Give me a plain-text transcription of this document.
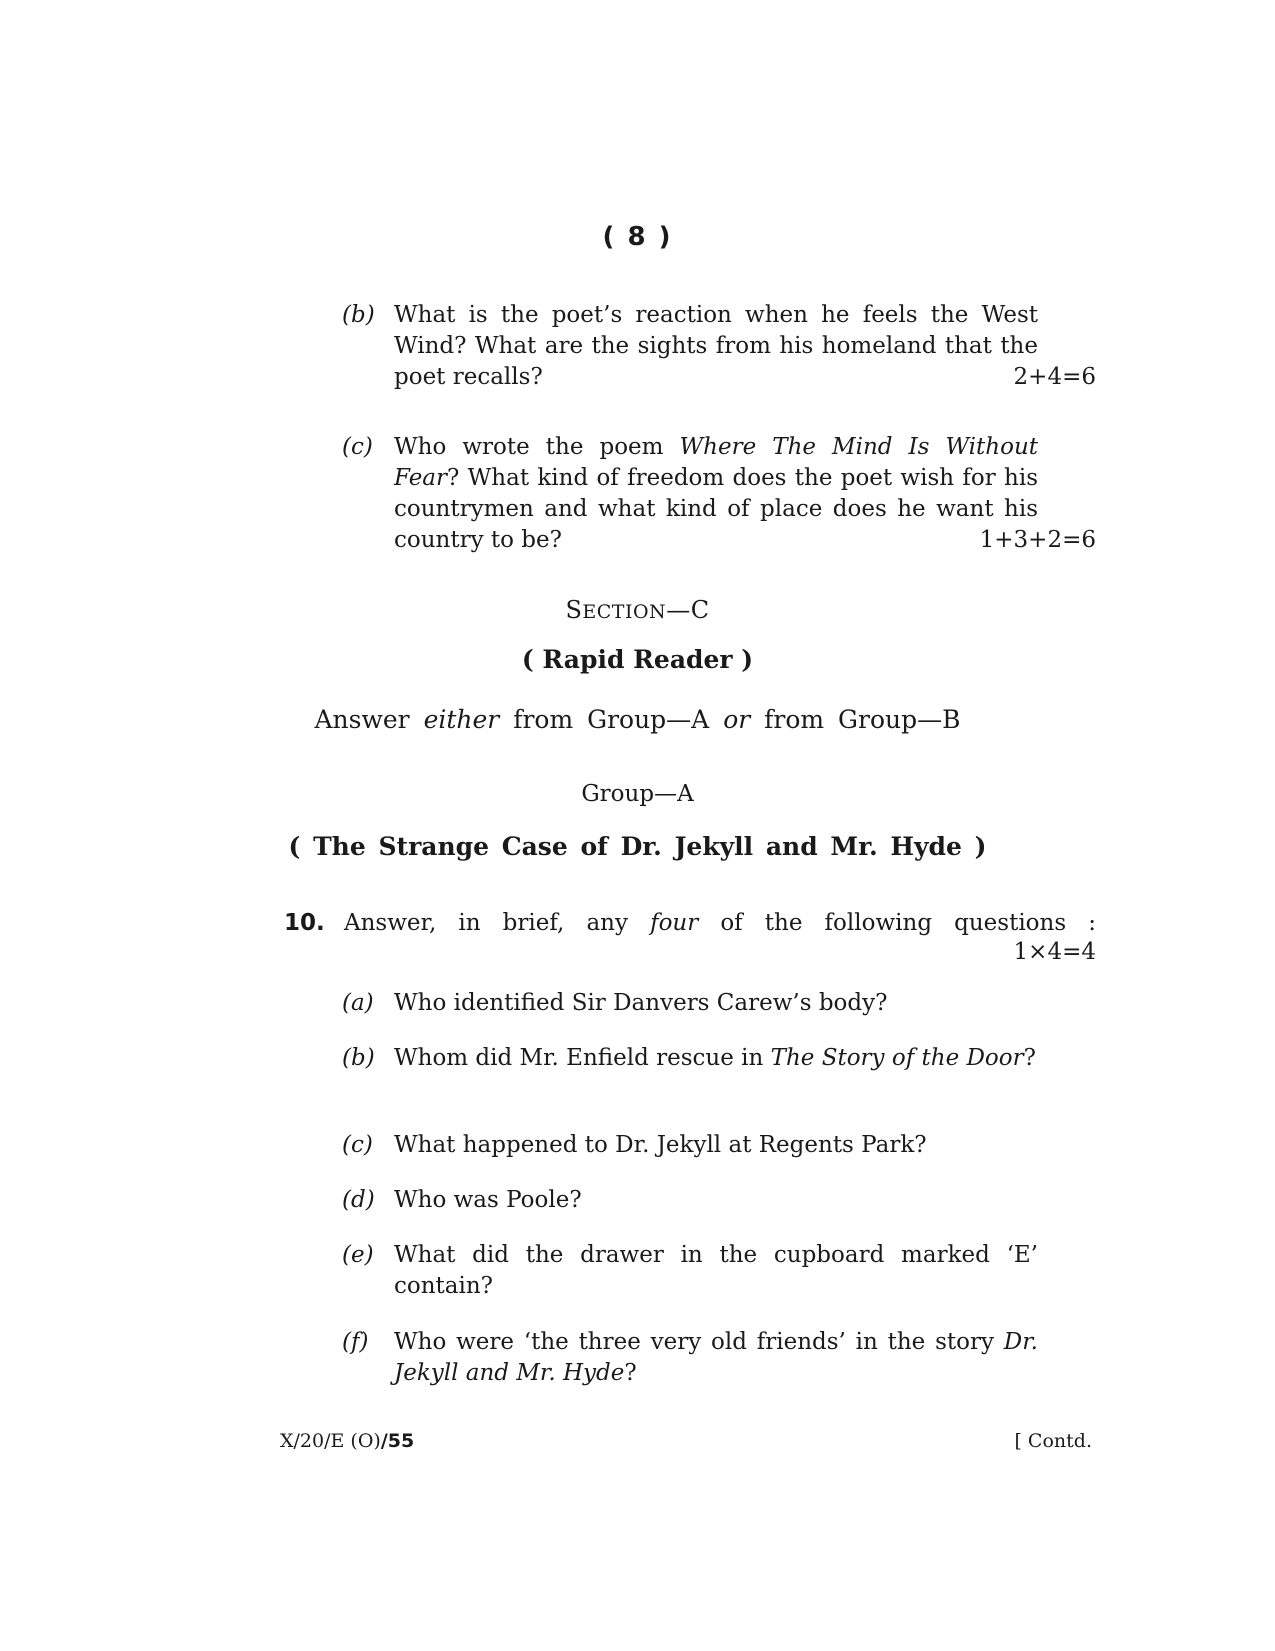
( 8 )
(b) What is the poet’s reaction when he feels the West Wind? What are the sights from his homeland that the poet recalls?	2+4=6
(c) Who wrote the poem Where The Mind Is Without Fear? What kind of freedom does the poet wish for his countrymen and what kind of place does he want his country to be?	1+3+2=6
SECTION—C
( Rapid Reader )
Answer either from Group—A or from Group—B
Group—A
( The Strange Case of Dr. Jekyll and Mr. Hyde )
10. Answer, in brief, any four of the following questions :
1×4=4
(a) Who identified Sir Danvers Carew’s body?
(b) Whom did Mr. Enfield rescue in The Story of the Door?
(c) What happened to Dr. Jekyll at Regents Park?
(d) Who was Poole?
(e) What did the drawer in the cupboard marked ‘E’ contain?
(f)	Who were ‘the three very old friends’ in the story Dr. Jekyll and Mr. Hyde?
X/20/E (O)/55	[ Contd.
